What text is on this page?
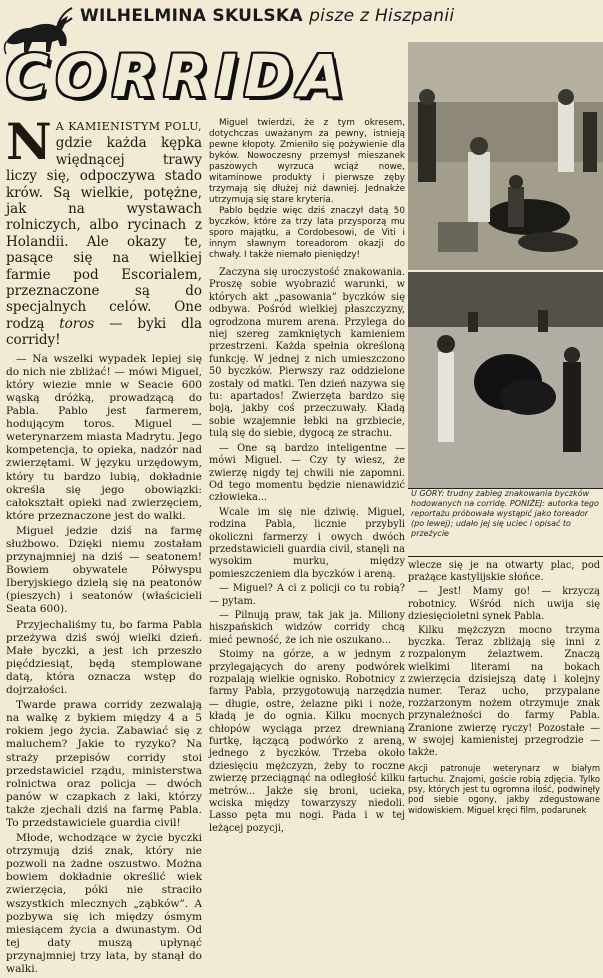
WILHELMINA SKULSKA pisze z Hiszpanii
CORRIDA
N A KAMIENISTYM POLU, gdzie każda kępka więdnącej trawy liczy się, odpoczywa stado krów. Są wielkie, potężne, jak na wystawach rolniczych, albo rycinach z Holandii. Ale okazy te, pasące się na wielkiej farmie pod Escorialem, przeznaczone są do specjalnych celów. One rodzą toros — byki dla corridy!

— Na wszelki wypadek lepiej się do nich nie zbliżać! — mówi Miguel, który wiezie mnie w Seacie 600 wąską dróżką, prowadzącą do Pabla. Pablo jest farmerem, hodującym toros. Miguel — weterynarzem miasta Madrytu. Jego kompetencja, to opieka, nadzór nad zwierzętami. W języku urzędowym, który tu bardzo lubią, dokładnie określa się jego obowiązki: całokształt opieki nad zwierzęciem, które przeznaczone jest do walki.

Miguel jedzie dziś na farmę służbowo. Dzięki niemu zostałam przynajmniej na dziś — seatonem! Bowiem obywatele Półwyspu Iberyjskiego dzielą się na peatonów (pieszych) i seatonów (właścicieli Seata 600).

Przyjechaliśmy tu, bo farma Pabla przeżywa dziś swój wielki dzień. Małe byczki, a jest ich przeszło pięćdziesiąt, będą stemplowane datą, która oznacza wstęp do dojrzałości.

Twarde prawa corridy zezwalają na walkę z bykiem między 4 a 5 rokiem jego życia. Zabawiać się z maluchem? Jakie to ryzyko? Na straży przepisów corridy stoi przedstawiciel rządu, ministerstwa rolnictwa oraz policja — dwóch panów w czapkach z laki, którzy także zjechali dziś na farmę Pabla. To przedstawiciele guardia civil!

Młode, wchodzące w życie byczki otrzymują dziś znak, który nie pozwoli na żadne oszustwo. Można bowiem dokładnie określić wiek zwierzęcia, póki nie straciło wszystkich mlecznych „ząbków”. A pozbywa się ich między ósmym miesiącem życia a dwunastym. Od tej daty muszą upłynąć przynajmniej trzy lata, by stanął do walki.

Miguel twierdzi, że z tym okresem, dotychczas uważanym za pewny, istnieją pewne kłopoty. Zmieniło się pożywienie dla byków. Nowoczesny przemysł mieszanek paszowych wyrzuca wciąż nowe, witaminowe produkty i pierwsze zęby trzymają się dłużej niż dawniej. Jednakże utrzymują się stare kryteria.

Pablo będzie więc dziś znaczył datą 50 byczków, które za trzy lata przysporzą mu sporo majątku, a Cordobesowi, de Viti i innym sławnym toreadorom okazji do chwały. I także niemało pieniędzy!

Zaczyna się uroczystość znakowania. Proszę sobie wyobrazić warunki, w których akt „pasowania” byczków się odbywa. Pośród wielkiej płaszczyzny, ogrodzona murem arena. Przylega do niej szereg zamkniętych kamieniem przestrzeni. Każda spełnia określoną funkcję. W jednej z nich umieszczono 50 byczków. Pierwszy raz oddzielone zostały od matki. Ten dzień nazywa się tu: apartados! Zwierzęta bardzo się boją, jakby coś przeczuwały. Kładą sobie wzajemnie łebki na grzbiecie, tulą się do siebie, dygocą ze strachu.

— One są bardzo inteligentne — mówi Miguel. — Czy ty wiesz, że zwierzę nigdy tej chwili nie zapomni. Od tego momentu będzie nienawidzić człowieka...

Wcale im się nie dziwię. Miguel, rodzina Pabla, licznie przybyli okoliczni farmerzy i owych dwóch przedstawicieli guardia civil, stanęli na wysokim murku, między pomieszczeniem dla byczków i areną.

— Miguel? A ci z policji co tu robią? — pytam.

— Pilnują praw, tak jak ja. Miliony hiszpańskich widzów corridy chcą mieć pewność, że ich nie oszukano...

Stoimy na górze, a w jednym z przylegających do areny podwórek rozpalają wielkie ognisko. Robotnicy z farmy Pabla, przygotowują narzędzia — długie, ostre, żelazne piki i noże, kładą je do ognia. Kilku mocnych chłopów wyciąga przez drewnianą furtkę, łączącą podwórko z areną, jednego z byczków. Trzeba około dziesięciu mężczyzn, żeby to roczne zwierzę przeciągnąć na odległość kilku metrów... Jakże się broni, ucieka, wciska między towarzyszy niedoli. Lasso pęta mu nogi. Pada i w tej leżącej pozycji,

U GÓRY: trudny zabieg znakowania byczków hodowanych na corridę. PONIŻEJ: autorka tego reportażu próbowała wystąpić jako toreador (po lewej); udało jej się uciec i opisać to przeżycie

wlecze się je na otwarty plac, pod prażące kastylijskie słońce.

— Jest! Mamy go! — krzyczą robotnicy. Wśród nich uwija się dziesięcioletni synek Pabla.

Kilku mężczyzn mocno trzyma byczka. Teraz zbliżają się inni z rozpalonym żelaztwem. Znaczą wielkimi literami na bokach zwierzęcia dzisiejszą datę i kolejny numer. Teraz ucho, przypalane rozżarzonym nożem otrzymuje znak przynależności do farmy Pabla. Zranione zwierzę ryczy! Pozostałe — w swojej kamienistej przegrodzie — także.

Akcji patronuje weterynarz w białym fartuchu. Znajomi, goście robią zdjęcia. Tylko psy, których jest tu ogromna ilość, podwinęły pod siebie ogony, jakby zdegustowane widowiskiem. Miguel kręci film, podarunek
